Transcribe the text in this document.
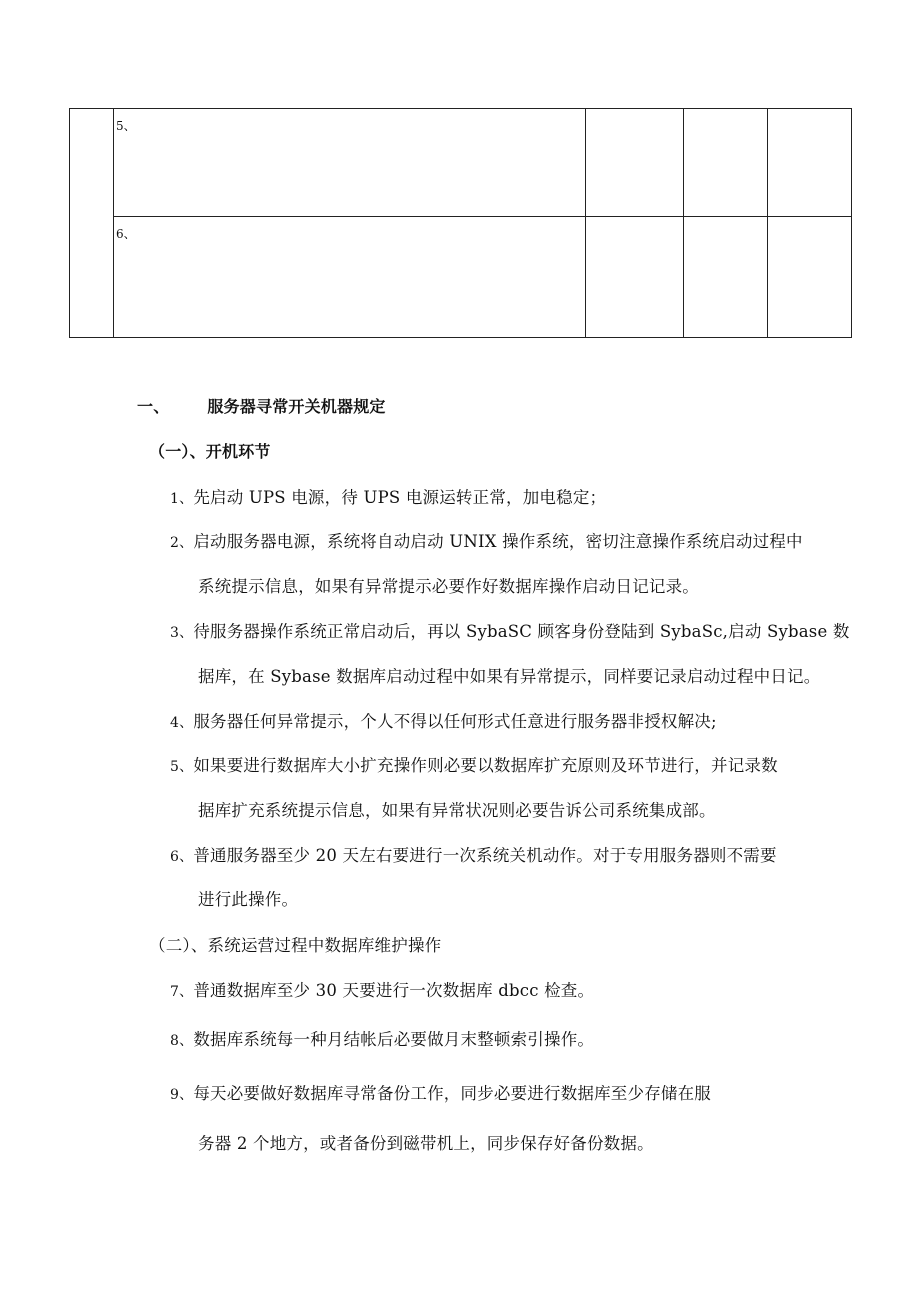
	5、			

	6、			

一、 服务器寻常开关机器规定
（一）、开机环节
1、先启动 UPS 电源，待 UPS 电源运转正常，加电稳定；
2、启动服务器电源，系统将自动启动 UNIX 操作系统，密切注意操作系统启动过程中
系统提示信息，如果有异常提示必要作好数据库操作启动日记记录。
3、待服务器操作系统正常启动后，再以 SybaSC 顾客身份登陆到 SybaSc,启动 Sybase 数
据库，在 Sybase 数据库启动过程中如果有异常提示，同样要记录启动过程中日记。
4、服务器任何异常提示，个人不得以任何形式任意进行服务器非授权解决;
5、如果要进行数据库大小扩充操作则必要以数据库扩充原则及环节进行，并记录数
据库扩充系统提示信息，如果有异常状况则必要告诉公司系统集成部。
6、普通服务器至少 20 天左右要进行一次系统关机动作。对于专用服务器则不需要
进行此操作。
（二）、系统运营过程中数据库维护操作
7、普通数据库至少 30 天要进行一次数据库 dbcc 检查。
8、数据库系统每一种月结帐后必要做月末整顿索引操作。
9、每天必要做好数据库寻常备份工作，同步必要进行数据库至少存储在服
务器 2 个地方，或者备份到磁带机上，同步保存好备份数据。
